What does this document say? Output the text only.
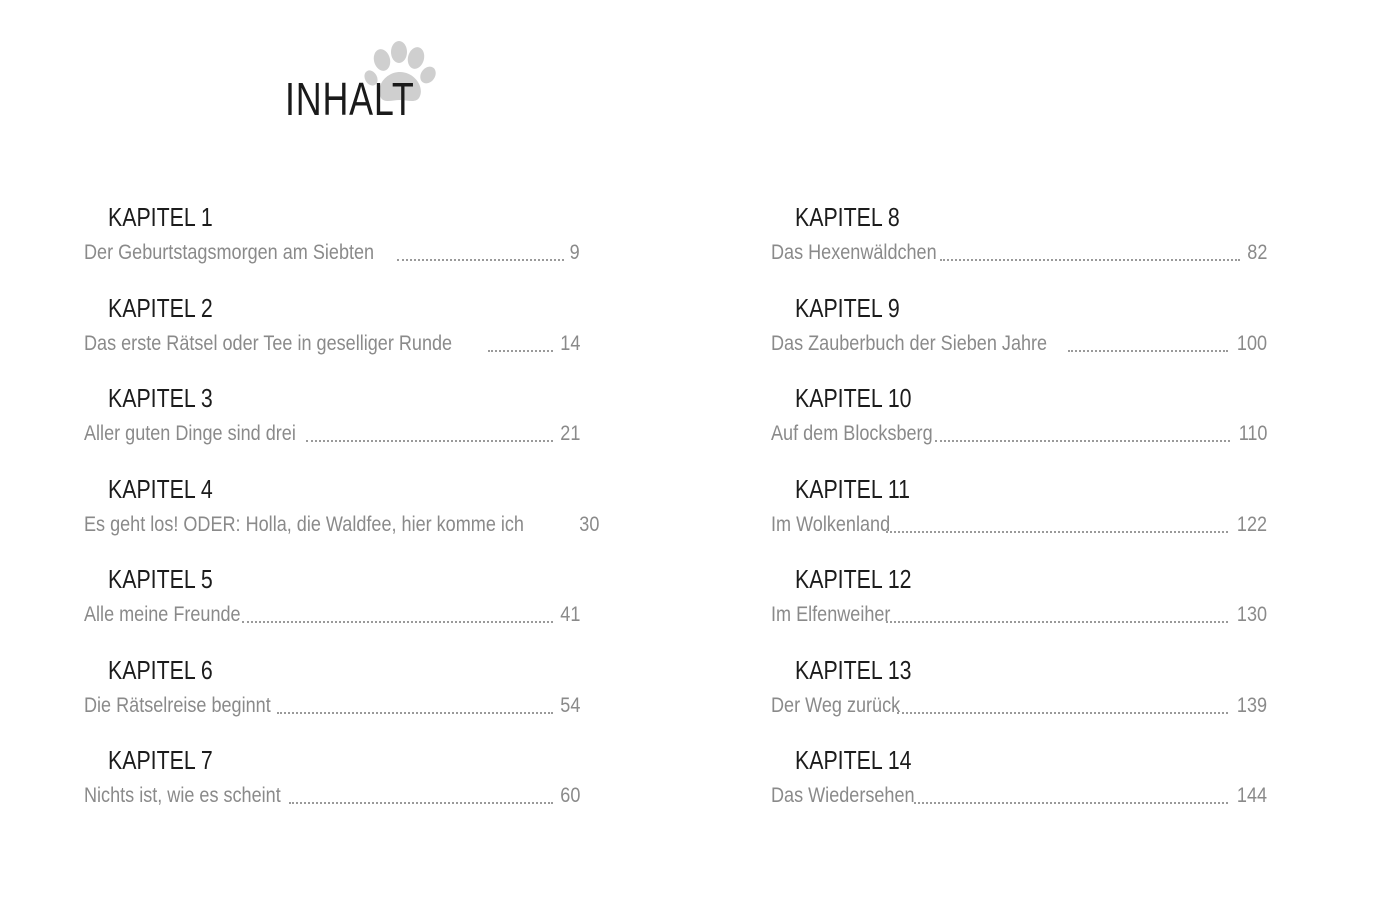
INHALT
KAPITEL 1
Der Geburtstagsmorgen am Siebten	9
KAPITEL 2
Das erste Rätsel oder Tee in geselliger Runde	14
KAPITEL 3
Aller guten Dinge sind drei	21
KAPITEL 4
Es geht los! ODER: Holla, die Waldfee, hier komme ich	30
KAPITEL 5
Alle meine Freunde	41
KAPITEL 6
Die Rätselreise beginnt	54
KAPITEL 7
Nichts ist, wie es scheint	60
KAPITEL 8
Das Hexenwäldchen	82
KAPITEL 9
Das Zauberbuch der Sieben Jahre	100
KAPITEL 10
Auf dem Blocksberg	110
KAPITEL 11
Im Wolkenland	122
KAPITEL 12
Im Elfenweiher	130
KAPITEL 13
Der Weg zurück	139
KAPITEL 14
Das Wiedersehen	144
